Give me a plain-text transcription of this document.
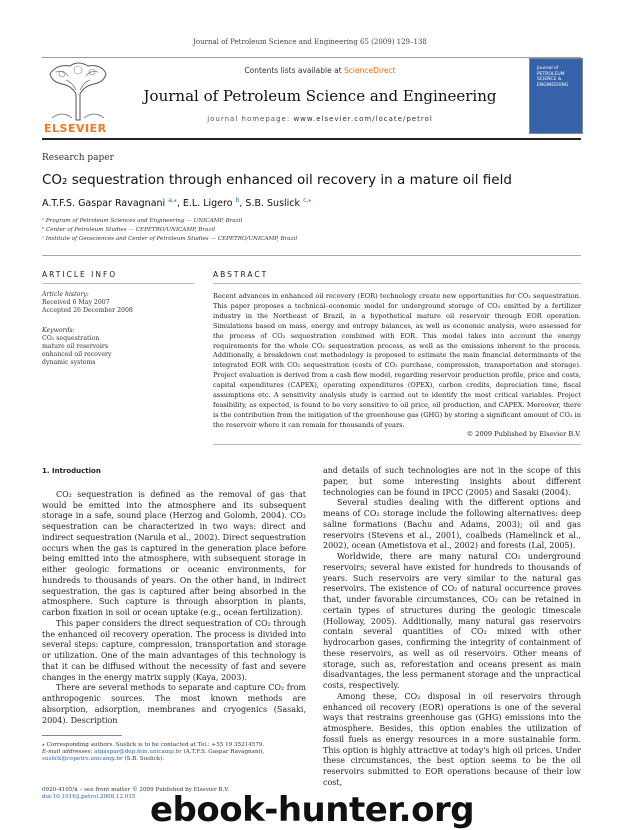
Journal of Petroleum Science and Engineering 65 (2009) 129–138
ELSEVIER
Contents lists available at ScienceDirect
Journal of Petroleum Science and Engineering
journal homepage: www.elsevier.com/locate/petrol
Journal of PETROLEUM SCIENCE & ENGINEERING
Research paper
CO₂ sequestration through enhanced oil recovery in a mature oil field
A.T.F.S. Gaspar Ravagnani $^{a,⁎}$, E.L. Ligero $^b$, S.B. Suslick $^{c,⁎}$
ᵃ Program of Petroleum Sciences and Engineering — UNICAMP, Brazil
ᵇ Center of Petroleum Studies — CEPETRO/UNICAMP, Brazil
ᶜ Institute of Geosciences and Center of Petroleum Studies — CEPETRO/UNICAMP, Brazil
ARTICLE INFO	ABSTRACT
Article history:
Received 6 May 2007
Accepted 26 December 2008
Keywords:
CO₂ sequestration
mature oil reservoirs
enhanced oil recovery
dynamic systems
Recent advances in enhanced oil recovery (EOR) technology create new opportunities for CO₂ sequestration. This paper proposes a technical–economic model for underground storage of CO₂ emitted by a fertilizer industry in the Northeast of Brazil, in a hypothetical mature oil reservoir through EOR operation. Simulations based on mass, energy and entropy balances, as well as economic analysis, were assessed for the process of CO₂ sequestration combined with EOR. This model takes into account the energy requirements for the whole CO₂ sequestration process, as well as the emissions inherent to the process. Additionally, a breakdown cost methodology is proposed to estimate the main financial determinants of the integrated EOR with CO₂ sequestration (costs of CO₂ purchase, compression, transportation and storage). Project evaluation is derived from a cash flow model, regarding reservoir production profile, price and costs, capital expenditures (CAPEX), operating expenditures (OPEX), carbon credits, depreciation time, fiscal assumptions etc. A sensitivity analysis study is carried out to identify the most critical variables. Project feasibility, as expected, is found to be very sensitive to oil price, oil production, and CAPEX. Moreover, there is the contribution from the mitigation of the greenhouse gas (GHG) by storing a significant amount of CO₂ in the reservoir where it can remain for thousands of years.
© 2009 Published by Elsevier B.V.
1. Introduction

CO₂ sequestration is defined as the removal of gas that would be emitted into the atmosphere and its subsequent storage in a safe, sound place (Herzog and Golomb, 2004). CO₂ sequestration can be characterized in two ways: direct and indirect sequestration (Narula et al., 2002). Direct sequestration occurs when the gas is captured in the generation place before being emitted into the atmosphere, with subsequent storage in either geologic formations or oceanic environments, for hundreds to thousands of years. On the other hand, in indirect sequestration, the gas is captured after being absorbed in the atmosphere. Such capture is through absorption in plants, carbon fixation in soil or ocean uptake (e.g., ocean fertilization).

This paper considers the direct sequestration of CO₂ through the enhanced oil recovery operation. The process is divided into several steps: capture, compression, transportation and storage or utilization. One of the main advantages of this technology is that it can be diffused without the necessity of fast and severe changes in the energy matrix supply (Kaya, 2003).

There are several methods to separate and capture CO₂ from anthropogenic sources. The most known methods are absorption, adsorption, membranes and cryogenics (Sasaki, 2004). Description

and details of such technologies are not in the scope of this paper, but some interesting insights about different technologies can be found in IPCC (2005) and Sasaki (2004).

Several studies dealing with the different options and means of CO₂ storage include the following alternatives: deep saline formations (Bachu and Adams, 2003); oil and gas reservoirs (Stevens et al., 2001), coalbeds (Hamelinck et al., 2002), ocean (Ametistova et al., 2002) and forests (Lal, 2005).

Worldwide, there are many natural CO₂ underground reservoirs; several have existed for hundreds to thousands of years. Such reservoirs are very similar to the natural gas reservoirs. The existence of CO₂ of natural occurrence proves that, under favorable circumstances, CO₂ can be retained in certain types of structures during the geologic timescale (Holloway, 2005). Additionally, many natural gas reservoirs contain several quantities of CO₂ mixed with other hydrocarbon gases, confirming the integrity of containment of these reservoirs, as well as oil reservoirs. Other means of storage, such as, reforestation and oceans present as main disadvantages, the less permanent storage and the unpractical costs, respectively.

Among these, CO₂ disposal in oil reservoirs through enhanced oil recovery (EOR) operations is one of the several ways that restrains greenhouse gas (GHG) emissions into the atmosphere. Besides, this option enables the utilization of fossil fuels as energy resources in a more sustainable form. This option is highly attractive at today's high oil prices. Under these circumstances, the best option seems to be the oil reservoirs submitted to EOR operations because of their low cost,

⁎ Corresponding authors. Suslick is to be contacted at Tel.: +55 19 35214579.
E-mail addresses: atgaspar@dep.fem.unicamp.br (A.T.F.S. Gaspar Ravagnani),
suslick@cepetro.unicamp.br (S.B. Suslick).
0920-4105/$ – see front matter © 2009 Published by Elsevier B.V.
doi:10.1016/j.petrol.2008.12.015 ebook-hunter.org
